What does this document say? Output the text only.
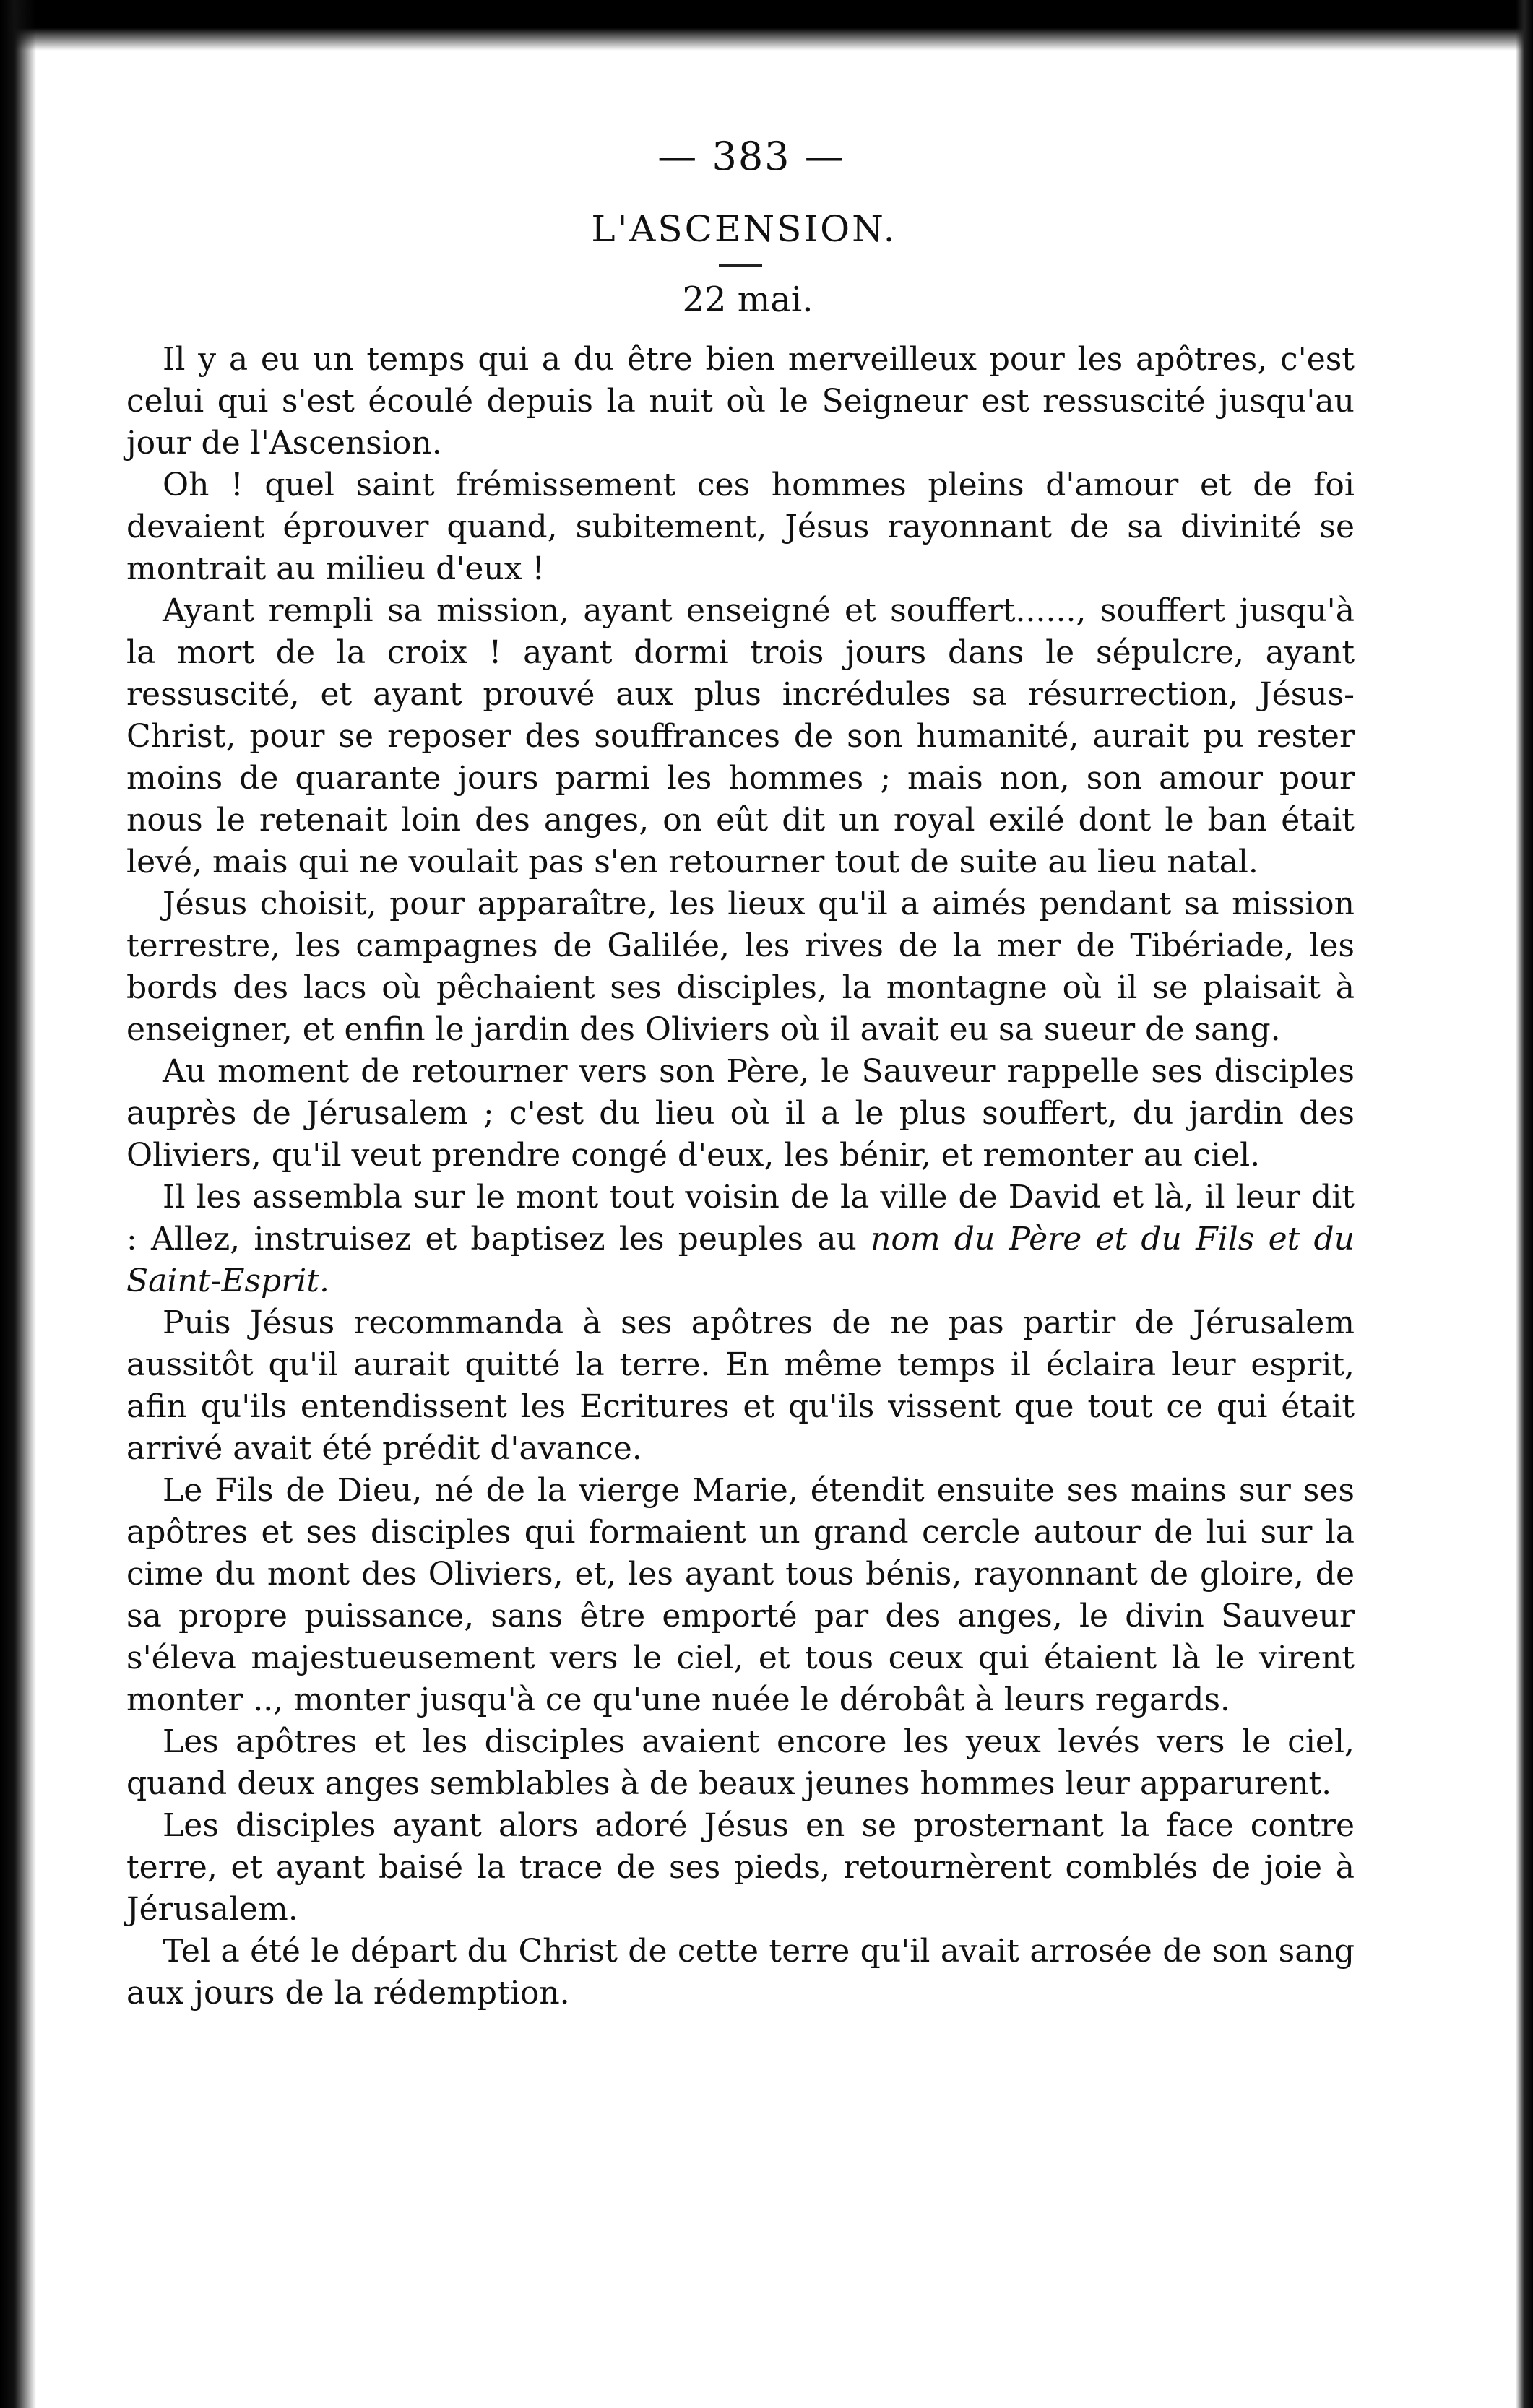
— 383 —
L'ASCENSION.
22 mai.

Il y a eu un temps qui a du être bien merveilleux pour les apôtres, c'est celui qui s'est écoulé depuis la nuit où le Seigneur est ressuscité jusqu'au jour de l'Ascension.

Oh ! quel saint frémissement ces hommes pleins d'amour et de foi devaient éprouver quand, subitement, Jésus rayonnant de sa divinité se montrait au milieu d'eux !

Ayant rempli sa mission, ayant enseigné et souffert......, souffert jusqu'à la mort de la croix ! ayant dormi trois jours dans le sépulcre, ayant ressuscité, et ayant prouvé aux plus incrédules sa résurrection, Jésus-Christ, pour se reposer des souffrances de son humanité, aurait pu rester moins de quarante jours parmi les hommes ; mais non, son amour pour nous le retenait loin des anges, on eût dit un royal exilé dont le ban était levé, mais qui ne voulait pas s'en retourner tout de suite au lieu natal.

Jésus choisit, pour apparaître, les lieux qu'il a aimés pendant sa mission terrestre, les campagnes de Galilée, les rives de la mer de Tibériade, les bords des lacs où pêchaient ses disciples, la montagne où il se plaisait à enseigner, et enfin le jardin des Oliviers où il avait eu sa sueur de sang.

Au moment de retourner vers son Père, le Sauveur rappelle ses disciples auprès de Jérusalem ; c'est du lieu où il a le plus souffert, du jardin des Oliviers, qu'il veut prendre congé d'eux, les bénir, et remonter au ciel.

Il les assembla sur le mont tout voisin de la ville de David et là, il leur dit : Allez, instruisez et baptisez les peuples au nom du Père et du Fils et du Saint-Esprit.

Puis Jésus recommanda à ses apôtres de ne pas partir de Jérusalem aussitôt qu'il aurait quitté la terre. En même temps il éclaira leur esprit, afin qu'ils entendissent les Ecritures et qu'ils vissent que tout ce qui était arrivé avait été prédit d'avance.

Le Fils de Dieu, né de la vierge Marie, étendit ensuite ses mains sur ses apôtres et ses disciples qui formaient un grand cercle autour de lui sur la cime du mont des Oliviers, et, les ayant tous bénis, rayonnant de gloire, de sa propre puissance, sans être emporté par des anges, le divin Sauveur s'éleva majestueusement vers le ciel, et tous ceux qui étaient là le virent monter .., monter jusqu'à ce qu'une nuée le dérobât à leurs regards.

Les apôtres et les disciples avaient encore les yeux levés vers le ciel, quand deux anges semblables à de beaux jeunes hommes leur apparurent.

Les disciples ayant alors adoré Jésus en se prosternant la face contre terre, et ayant baisé la trace de ses pieds, retournèrent comblés de joie à Jérusalem.

Tel a été le départ du Christ de cette terre qu'il avait arrosée de son sang aux jours de la rédemption.
